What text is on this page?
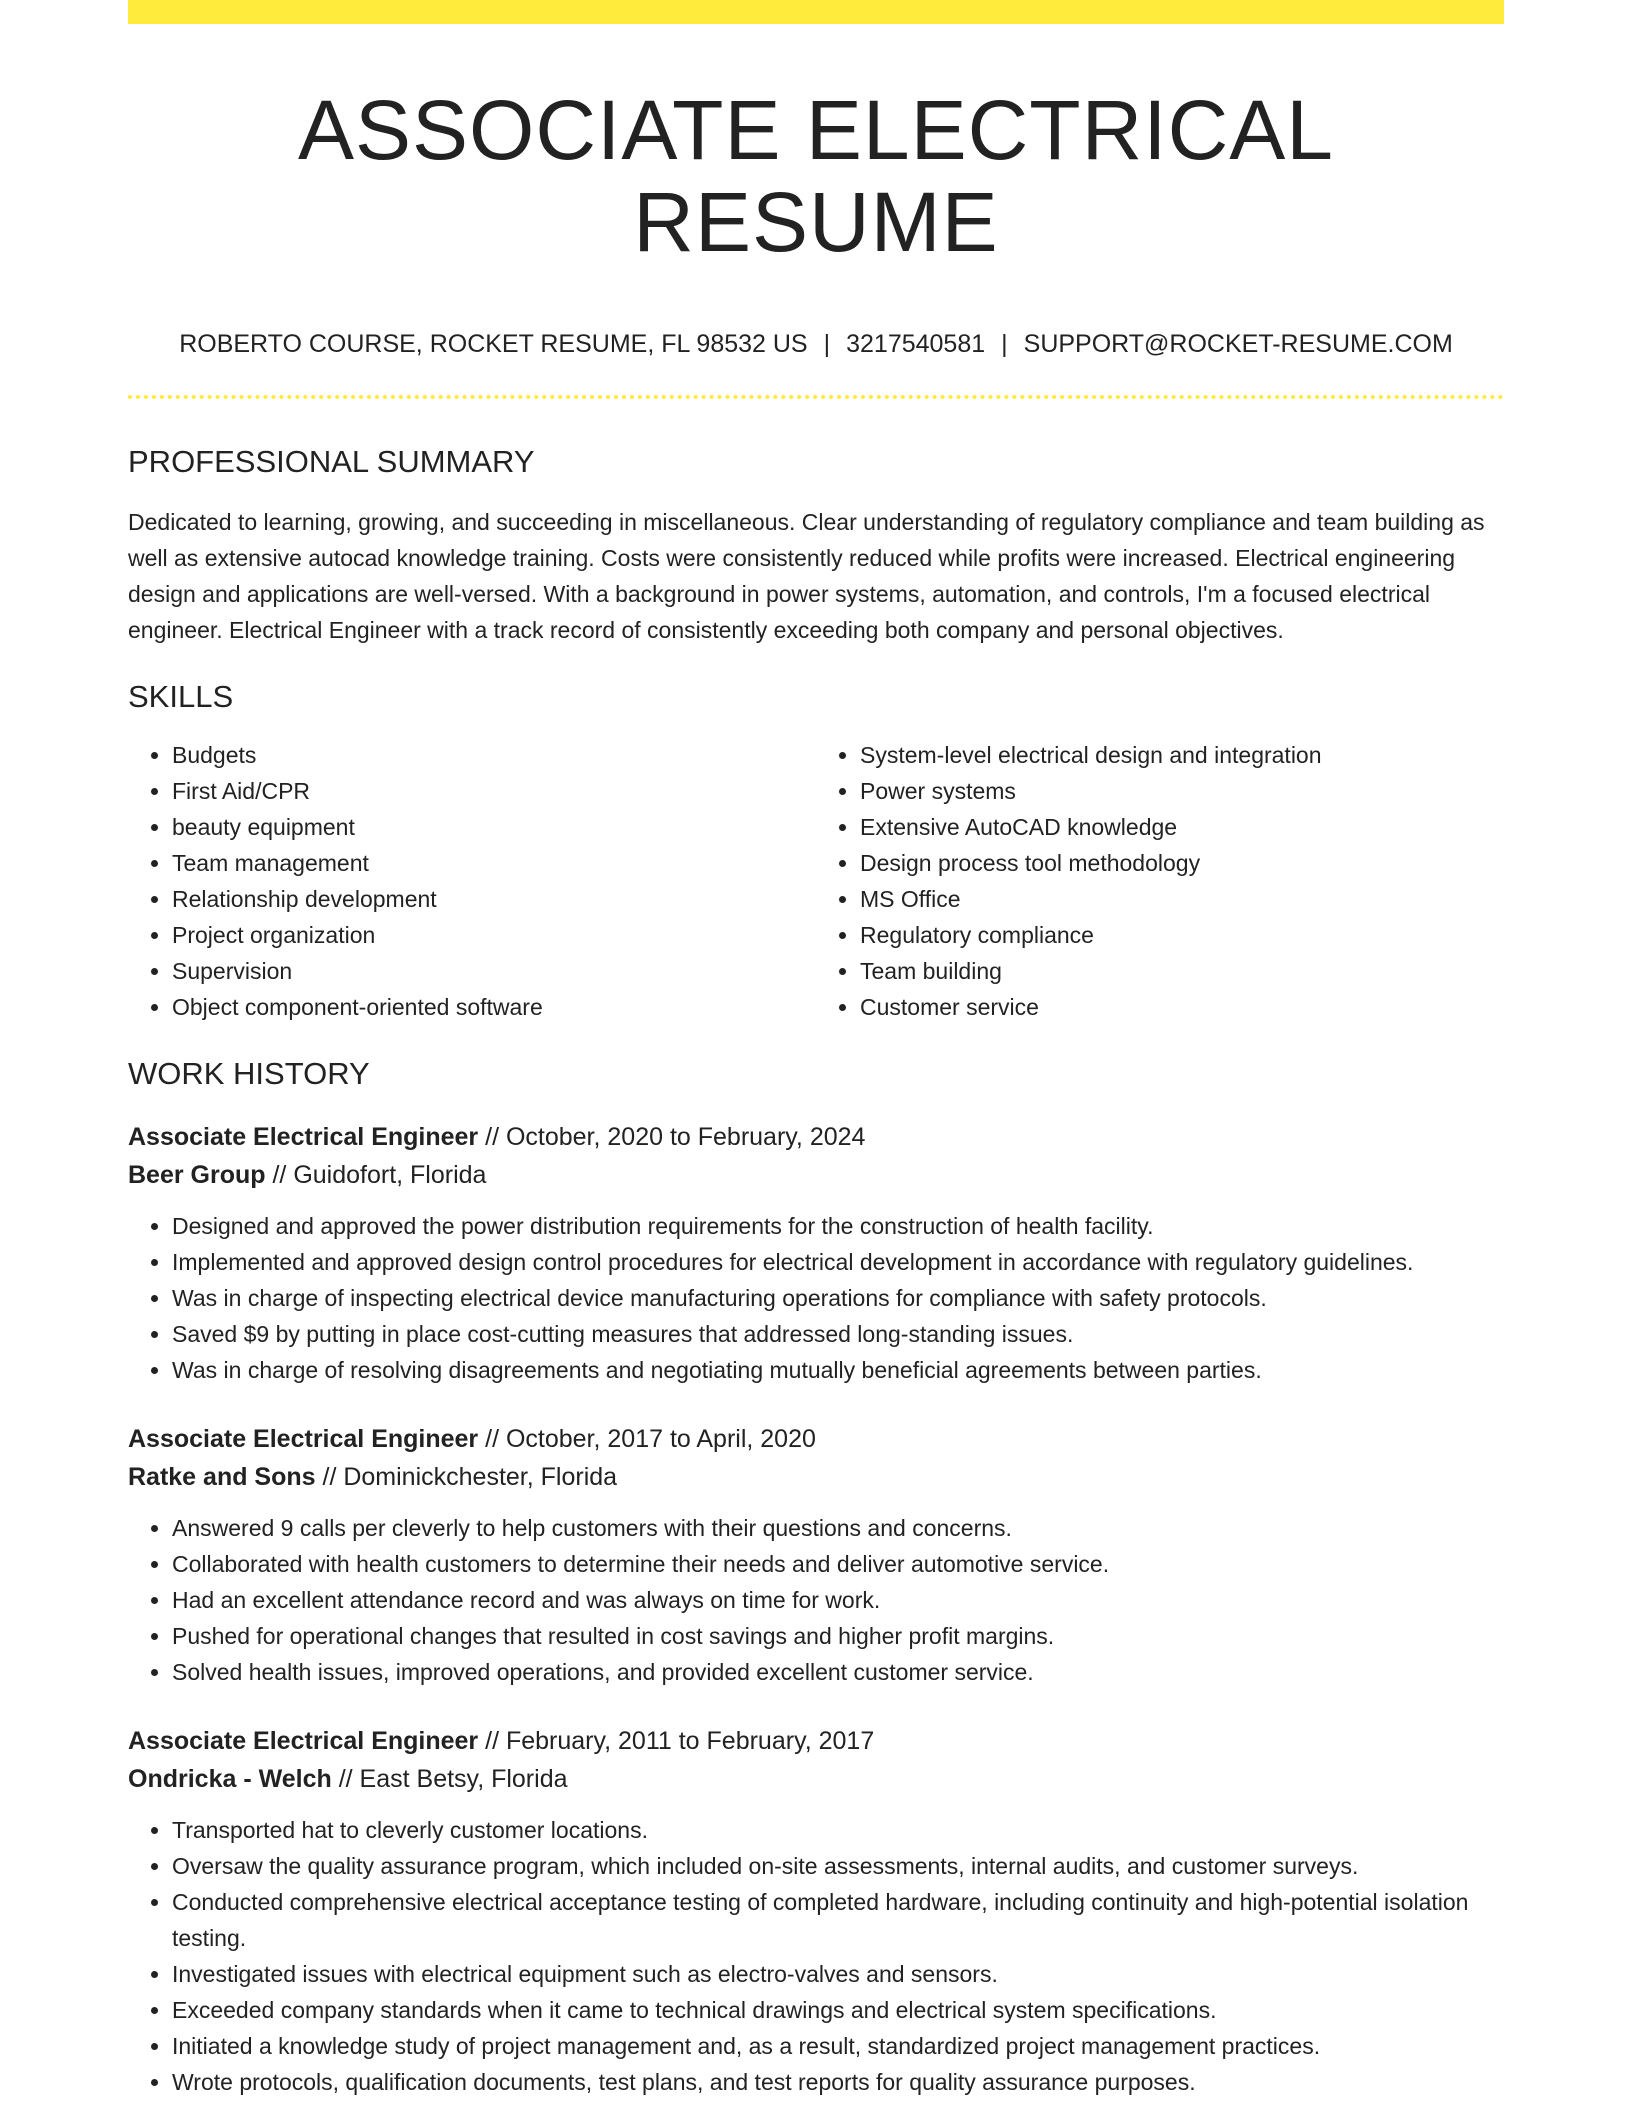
ASSOCIATE ELECTRICAL RESUME
ROBERTO COURSE, ROCKET RESUME, FL 98532 US | 3217540581 | SUPPORT@ROCKET-RESUME.COM
PROFESSIONAL SUMMARY

Dedicated to learning, growing, and succeeding in miscellaneous. Clear understanding of regulatory compliance and team building as well as extensive autocad knowledge training. Costs were consistently reduced while profits were increased. Electrical engineering design and applications are well-versed. With a background in power systems, automation, and controls, I'm a focused electrical engineer. Electrical Engineer with a track record of consistently exceeding both company and personal objectives.

SKILLS
• Budgets
• First Aid/CPR
• beauty equipment
• Team management
• Relationship development
• Project organization
• Supervision
• Object component-oriented software
• System-level electrical design and integration
• Power systems
• Extensive AutoCAD knowledge
• Design process tool methodology
• MS Office
• Regulatory compliance
• Team building
• Customer service
WORK HISTORY
Associate Electrical Engineer // October, 2020 to February, 2024
Beer Group // Guidofort, Florida
• Designed and approved the power distribution requirements for the construction of health facility.
• Implemented and approved design control procedures for electrical development in accordance with regulatory guidelines.
• Was in charge of inspecting electrical device manufacturing operations for compliance with safety protocols.
• Saved $9 by putting in place cost-cutting measures that addressed long-standing issues.
• Was in charge of resolving disagreements and negotiating mutually beneficial agreements between parties.
Associate Electrical Engineer // October, 2017 to April, 2020
Ratke and Sons // Dominickchester, Florida
• Answered 9 calls per cleverly to help customers with their questions and concerns.
• Collaborated with health customers to determine their needs and deliver automotive service.
• Had an excellent attendance record and was always on time for work.
• Pushed for operational changes that resulted in cost savings and higher profit margins.
• Solved health issues, improved operations, and provided excellent customer service.
Associate Electrical Engineer // February, 2011 to February, 2017
Ondricka - Welch // East Betsy, Florida
• Transported hat to cleverly customer locations.
• Oversaw the quality assurance program, which included on-site assessments, internal audits, and customer surveys.
• Conducted comprehensive electrical acceptance testing of completed hardware, including continuity and high-potential isolation testing.
• Investigated issues with electrical equipment such as electro-valves and sensors.
• Exceeded company standards when it came to technical drawings and electrical system specifications.
• Initiated a knowledge study of project management and, as a result, standardized project management practices.
• Wrote protocols, qualification documents, test plans, and test reports for quality assurance purposes.
